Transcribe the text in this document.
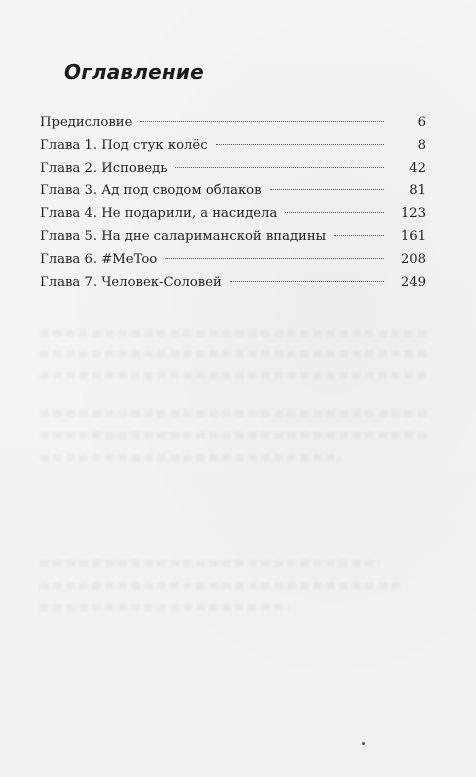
Оглавление
Предисловие	6
Глава 1. Под стук колёс	8
Глава 2. Исповедь	42
Глава 3. Ад под сводом облаков	81
Глава 4. Не подарили, а насидела	123
Глава 5. На дне салариманской впадины	161
Глава 6. #MeToo	208
Глава 7. Человек-Соловей	249
